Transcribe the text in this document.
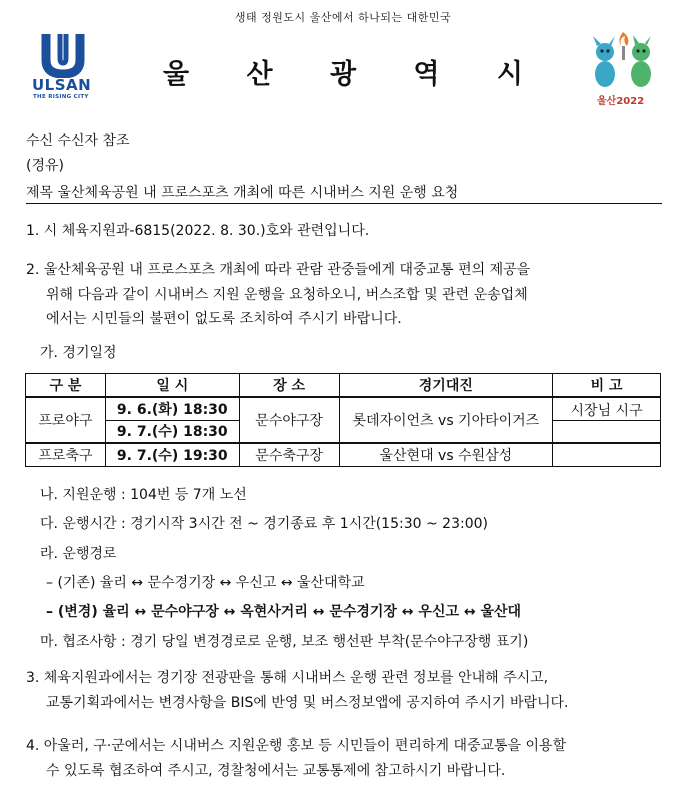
생태 정원도시 울산에서 하나되는 대한민국
ULSAN
THE RISING CITY
울 산 광 역 시
울산2022
수신 수신자 참조
(경유)
제목 울산체육공원 내 프로스포츠 개최에 따른 시내버스 지원 운행 요청
1. 시 체육지원과-6815(2022. 8. 30.)호와 관련입니다.
2. 울산체육공원 내 프로스포츠 개최에 따라 관람 관중들에게 대중교통 편의 제공을
위해 다음과 같이 시내버스 지원 운행을 요청하오니, 버스조합 및 관련 운송업체
에서는 시민들의 불편이 없도록 조치하여 주시기 바랍니다.
가. 경기일정
구 분	일 시	장 소	경기대진	비 고
프로야구	9. 6.(화) 18:30	문수야구장	롯데자이언츠 vs 기아타이거즈	시장님 시구
	9. 7.(수) 18:30			
프로축구	9. 7.(수) 19:30	문수축구장	울산현대 vs 수원삼성	
나. 지원운행 : 104번 등 7개 노선
다. 운행시간 : 경기시작 3시간 전 ~ 경기종료 후 1시간(15:30 ~ 23:00)
라. 운행경로
– (기존) 율리 ↔ 문수경기장 ↔ 우신고 ↔ 울산대학교
– (변경) 율리 ↔ 문수야구장 ↔ 옥현사거리 ↔ 문수경기장 ↔ 우신고 ↔ 울산대
마. 협조사항 : 경기 당일 변경경로로 운행, 보조 행선판 부착(문수야구장행 표기)
3. 체육지원과에서는 경기장 전광판을 통해 시내버스 운행 관련 정보를 안내해 주시고,
교통기획과에서는 변경사항을 BIS에 반영 및 버스정보앱에 공지하여 주시기 바랍니다.
4. 아울러, 구·군에서는 시내버스 지원운행 홍보 등 시민들이 편리하게 대중교통을 이용할
수 있도록 협조하여 주시고, 경찰청에서는 교통통제에 참고하시기 바랍니다.
